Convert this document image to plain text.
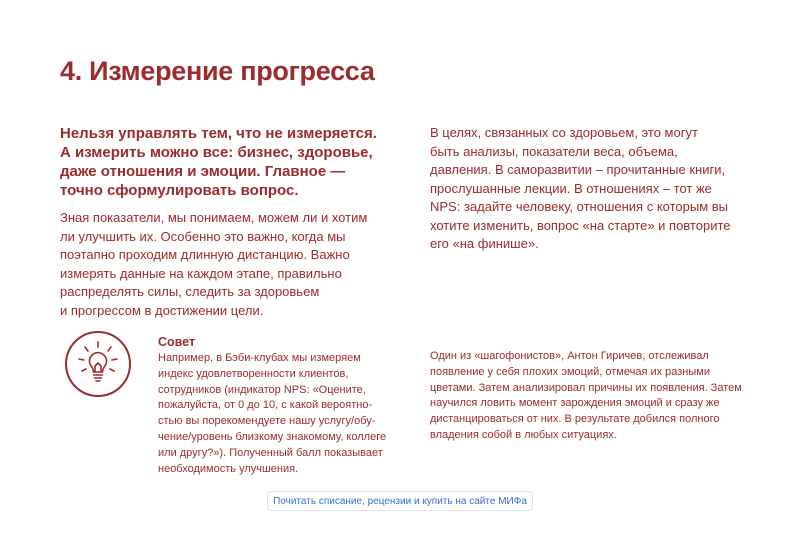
4. Измерение прогресса
Нельзя управлять тем, что не измеряется.
А измерить можно все: бизнес, здоровье,
даже отношения и эмоции. Главное —
точно сформулировать вопрос.
Зная показатели, мы понимаем, можем ли и хотим
ли улучшить их. Особенно это важно, когда мы
поэтапно проходим длинную дистанцию. Важно
измерять данные на каждом этапе, правильно
распределять силы, следить за здоровьем
и прогрессом в достижении цели.
В целях, связанных со здоровьем, это могут
быть анализы, показатели веса, объема,
давления. В саморазвитии – прочитанные книги,
прослушанные лекции. В отношениях – тот же
NPS: задайте человеку, отношения с которым вы
хотите изменить, вопрос «на старте» и повторите
его «на финише».
Совет
Например, в Бэби-клубах мы измеряем
индекс удовлетворенности клиентов,
сотрудников (индикатор NPS: «Оцените,
пожалуйста, от 0 до 10, с какой вероятно-
стью вы порекомендуете нашу услугу/обу-
чение/уровень близкому знакомому, коллеге
или другу?»). Полученный балл показывает
необходимость улучшения.
Один из «шагофонистов», Антон Гиричев, отслеживал
появление у себя плохих эмоций, отмечая их разными
цветами. Затем анализировал причины их появления. Затем
научился ловить момент зарождения эмоций и сразу же
дистанцироваться от них. В результате добился полного
владения собой в любых ситуациях.
Почитать списание, рецензии и купить на сайте МИФа
